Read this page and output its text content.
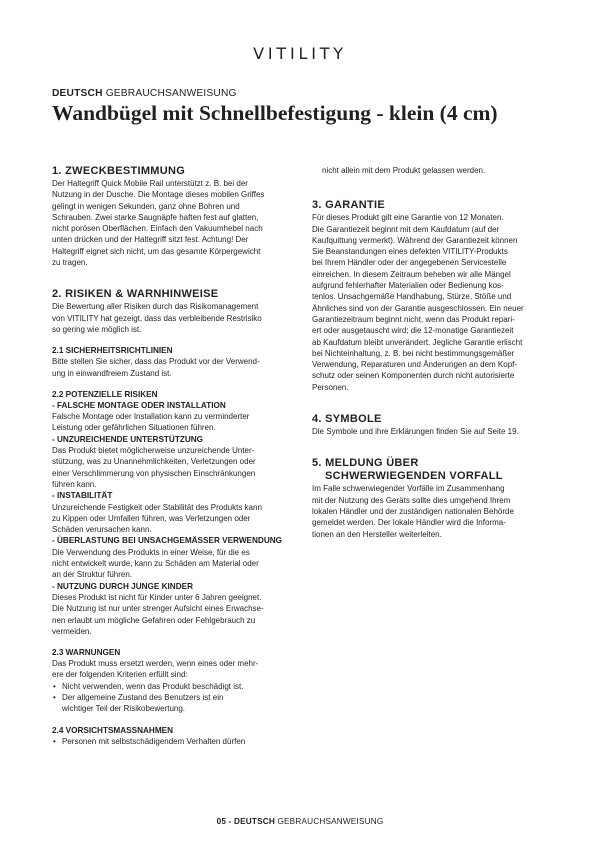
VITILITY
DEUTSCH GEBRAUCHSANWEISUNG
Wandbügel mit Schnellbefestigung - klein (4 cm)
1. ZWECKBESTIMMUNG
Der Haltegriff Quick Mobile Rail unterstützt z. B. bei der
Nutzung in der Dusche. Die Montage dieses mobilen Griffes
gelingt in wenigen Sekunden, ganz ohne Bohren und
Schrauben. Zwei starke Saugnäpfe haften fest auf glatten,
nicht porösen Oberflächen. Einfach den Vakuumhebel nach
unten drücken und der Haltegriff sitzt fest. Achtung! Der
Haltegriff eignet sich nicht, um das gesamte Körpergewicht
zu tragen.
2. RISIKEN & WARNHINWEISE
Die Bewertung aller Risiken durch das Risikomanagement
von VITILITY hat gezeigt, dass das verbleibende Restrisiko
so gering wie möglich ist.
2.1 SICHERHEITSRICHTLINIEN
Bitte stellen Sie sicher, dass das Produkt vor der Verwend-
ung in einwandfreiem Zustand ist.
2.2 POTENZIELLE RISIKEN
- FALSCHE MONTAGE ODER INSTALLATION
Falsche Montage oder Installation kann zu verminderter
Leistung oder gefährlichen Situationen führen.
- UNZUREICHENDE UNTERSTÜTZUNG
Das Produkt bietet möglicherweise unzureichende Unter-
stützung, was zu Unannehmlichkeiten, Verletzungen oder
einer Verschlimmerung von physischen Einschränkungen
führen kann.
- INSTABILITÄT
Unzureichende Festigkeit oder Stabilität des Produkts kann
zu Kippen oder Umfallen führen, was Verletzungen oder
Schäden verursachen kann.
- ÜBERLASTUNG BEI UNSACHGEMÄSSER VERWENDUNG
Die Verwendung des Produkts in einer Weise, für die es
nicht entwickelt wurde, kann zu Schäden am Material oder
an der Struktur führen.
- NUTZUNG DURCH JUNGE KINDER
Dieses Produkt ist nicht für Kinder unter 6 Jahren geeignet.
Die Nutzung ist nur unter strenger Aufsicht eines Erwachse-
nen erlaubt um mögliche Gefahren oder Fehlgebrauch zu
vermeiden.
2.3 WARNUNGEN
Das Produkt muss ersetzt werden, wenn eines oder mehr-
ere der folgenden Kriterien erfüllt sind:
• Nicht verwenden, wenn das Produkt beschädigt ist.
• Der allgemeine Zustand des Benutzers ist ein
wichtiger Teil der Risikobewertung.
2.4 VORSICHTSMASSNAHMEN
• Personen mit selbstschädigendem Verhalten dürfen
nicht allein mit dem Produkt gelassen werden.
3. GARANTIE
Für dieses Produkt gilt eine Garantie von 12 Monaten.
Die Garantiezeit beginnt mit dem Kaufdatum (auf der
Kaufquittung vermerkt). Während der Garantiezeit können
Sie Beanstandungen eines defekten VITILITY-Produkts
bei Ihrem Händler oder der angegebenen Servicestelle
einreichen. In diesem Zeitraum beheben wir alle Mängel
aufgrund fehlerhafter Materialien oder Bedienung kos-
tenlos. Unsachgemäße Handhabung, Stürze, Stöße und
Ähnliches sind von der Garantie ausgeschlossen. Ein neuer
Garantiezeitraum beginnt nicht, wenn das Produkt repari-
ert oder ausgetauscht wird; die 12-monatige Garantiezeit
ab Kaufdatum bleibt unverändert. Jegliche Garantie erlischt
bei Nichteinhaltung, z. B. bei nicht bestimmungsgemäßer
Verwendung, Reparaturen und Änderungen an dem Kopf-
schutz oder seinen Komponenten durch nicht autorisierte
Personen.
4. SYMBOLE
Die Symbole und ihre Erklärungen finden Sie auf Seite 19.
5. MELDUNG ÜBER
SCHWERWIEGENDEN VORFALL
Im Falle schwerwiegender Vorfälle im Zusammenhang
mit der Nutzung des Geräts sollte dies umgehend Ihrem
lokalen Händler und der zuständigen nationalen Behörde
gemeldet werden. Der lokale Händler wird die Informa-
tionen an den Hersteller weiterleiten.
05 - DEUTSCH GEBRAUCHSANWEISUNG
